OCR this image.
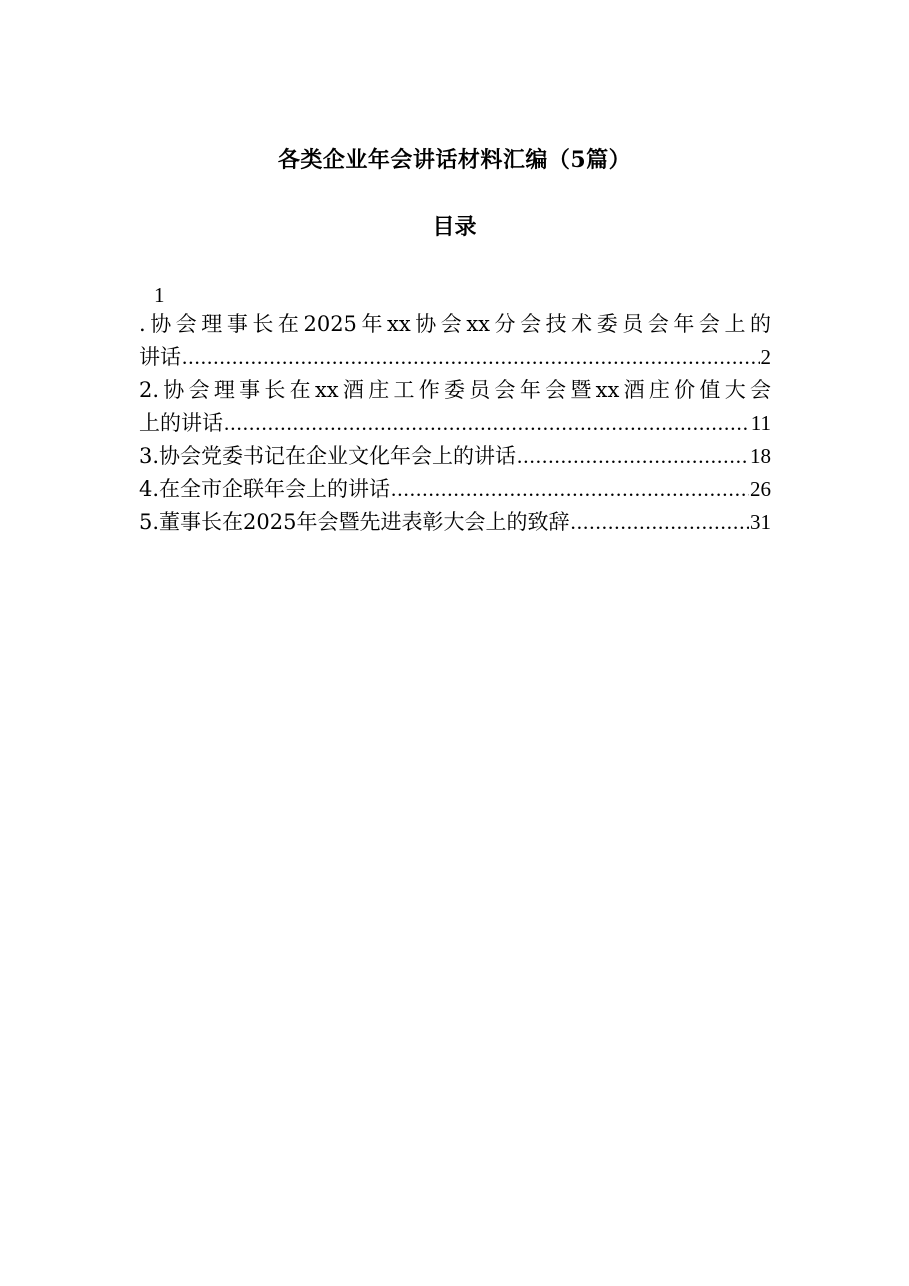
各类企业年会讲话材料汇编（5篇）
目录
1
.协会理事长在2025年xx协会xx分会技术委员会年会上的
讲话 .....	2
2.协会理事长在xx酒庄工作委员会年会暨xx酒庄价值大会
上的讲话 .....	11
3.协会党委书记在企业文化年会上的讲话 .....	18
4.在全市企联年会上的讲话 .....	26
5.董事长在2025年会暨先进表彰大会上的致辞 .....	31
